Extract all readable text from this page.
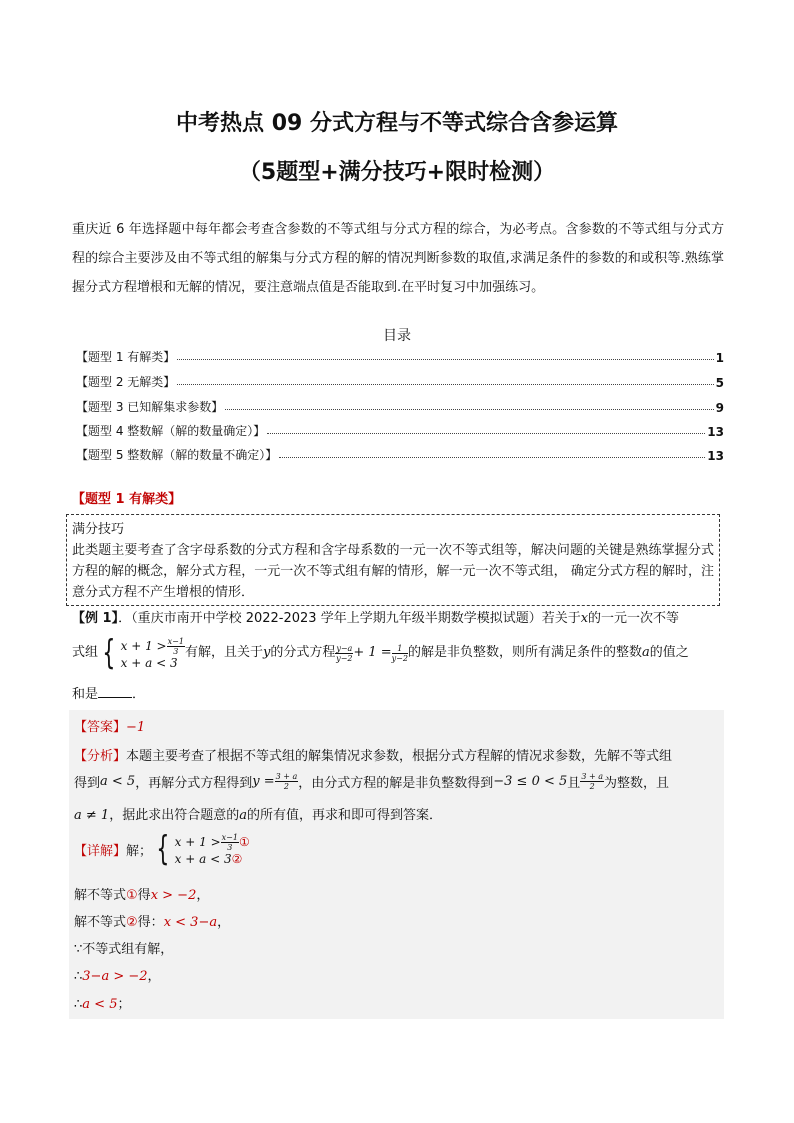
中考热点 09 分式方程与不等式综合含参运算
（5题型+满分技巧+限时检测）
重庆近 6 年选择题中每年都会考查含参数的不等式组与分式方程的综合，为必考点。含参数的不等式组与分式方程的综合主要涉及由不等式组的解集与分式方程的解的情况判断参数的取值,求满足条件的参数的和或积等.熟练掌握分式方程增根和无解的情况，要注意端点值是否能取到.在平时复习中加强练习。
目录
【题型 1 有解类】	1
【题型 2 无解类】	5
【题型 3 已知解集求参数】	9
【题型 4 整数解（解的数量确定）】	13
【题型 5 整数解（解的数量不确定）】	13
【题型 1 有解类】
满分技巧
此类题主要考查了含字母系数的分式方程和含字母系数的一元一次不等式组等，解决问题的关键是熟练掌握分式方程的解的概念，解分式方程，一元一次不等式组有解的情形，解一元一次不等式组， 确定分式方程的解时，注意分式方程不产生增根的情形．
【例 1】．（重庆市南开中学校 2022-2023 学年上学期九年级半期数学模拟试题）若关于x的一元一次不等
式组 { $x + 1 > \frac{x-1}{3}$
x + a < 3
有解，且关于 y 的分式方程 $\frac{y-a}{y-2} + 1 = \frac{1}{y-2}$ 的解是非负整数，则所有满足条件的整数 a 的值之
和是	．
【答案】−1
【分析】本题主要考查了根据不等式组的解集情况求参数，根据分式方程解的情况求参数，先解不等式组
得到 a < 5 ，再解分式方程得到 $y = \frac{3 + a}{2}$ ，由分式方程的解是非负整数得到 −3 ≤ 0 < 5 且 $\frac{3 + a}{2}$ 为整数，且
a ≠ 1，据此求出符合题意的a的所有值，再求和即可得到答案．
【详解】 解； { $x + 1 > \frac{x-1}{3}$ ①
x + a < 3②
解不等式①得x > −2，
解不等式②得：x < 3−a，
∵不等式组有解，
∴3−a > −2，
∴a < 5；
